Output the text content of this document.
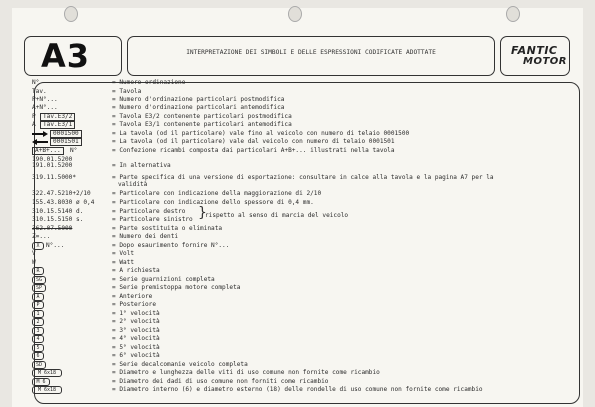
A3	INTERPRETAZIONE DEI SIMBOLI E DELLE ESPRESSIONI CODIFICATE ADOTTATE	FANTIC
MOTOR
N°	= Numero ordinazione
Tav.	= Tavola
P+N°...	= Numero d'ordinazione particolari postmodifica
A+N°...	= Numero d'ordinazione particolari antemodifica
P	Tav.E3/2	= Tavola E3/2 contenente particolari postmodifica
A	Tav.E3/1	= Tavola E3/1 contenente particolari antemodifica
0001500	= La tavola (od il particolare) vale fino al veicolo con numero di telaio 0001500
0001501	= La tavola (od il particolare) vale dal veicolo con numero di telaio 0001501
A+B+...	N°	= Confezione ricambi composta dai particolari A+B+... illustrati nella tavola
190.01.5200
191.01.5200	= In alternativa
319.11.5000*	= Parte specifica di una versione di esportazione: consultare in calce alla tavola e la pagina A7 per la
validità
322.47.5210+2/10	= Particolare con indicazione della maggiorazione di 2/10
155.43.8030 ø 0,4	= Particolare con indicazione dello spessore di 0,4 mm.
310.15.5140 d.	= Particolare destro
310.15.5150 s.	= Particolare sinistro
362.07.5000	= Parte sostituita o eliminata
Z=...	= Numero dei denti
X	N°...	= Dopo esaurimento fornire N°...
V	= Volt
W	= Watt
R	= A richiesta
SG	= Serie guarnizioni completa
SP	= Serie premistoppa motore completa
A	= Anteriore
P	= Posteriore
1	= 1° velocità
2	= 2° velocità
3	= 3° velocità
4	= 4° velocità
5	= 5° velocità
6	= 6° velocità
SD	= Serie decalcomanie veicolo completa
M 6x18	= Diametro e lunghezza delle viti di uso comune non fornite come ricambio
M 6	= Diametro dei dadi di uso comune non forniti come ricambio
M 6x18	= Diametro interno (6) e diametro esterno (18) delle rondelle di uso comune non fornite come ricambio
}
rispetto al senso di marcia del veicolo
